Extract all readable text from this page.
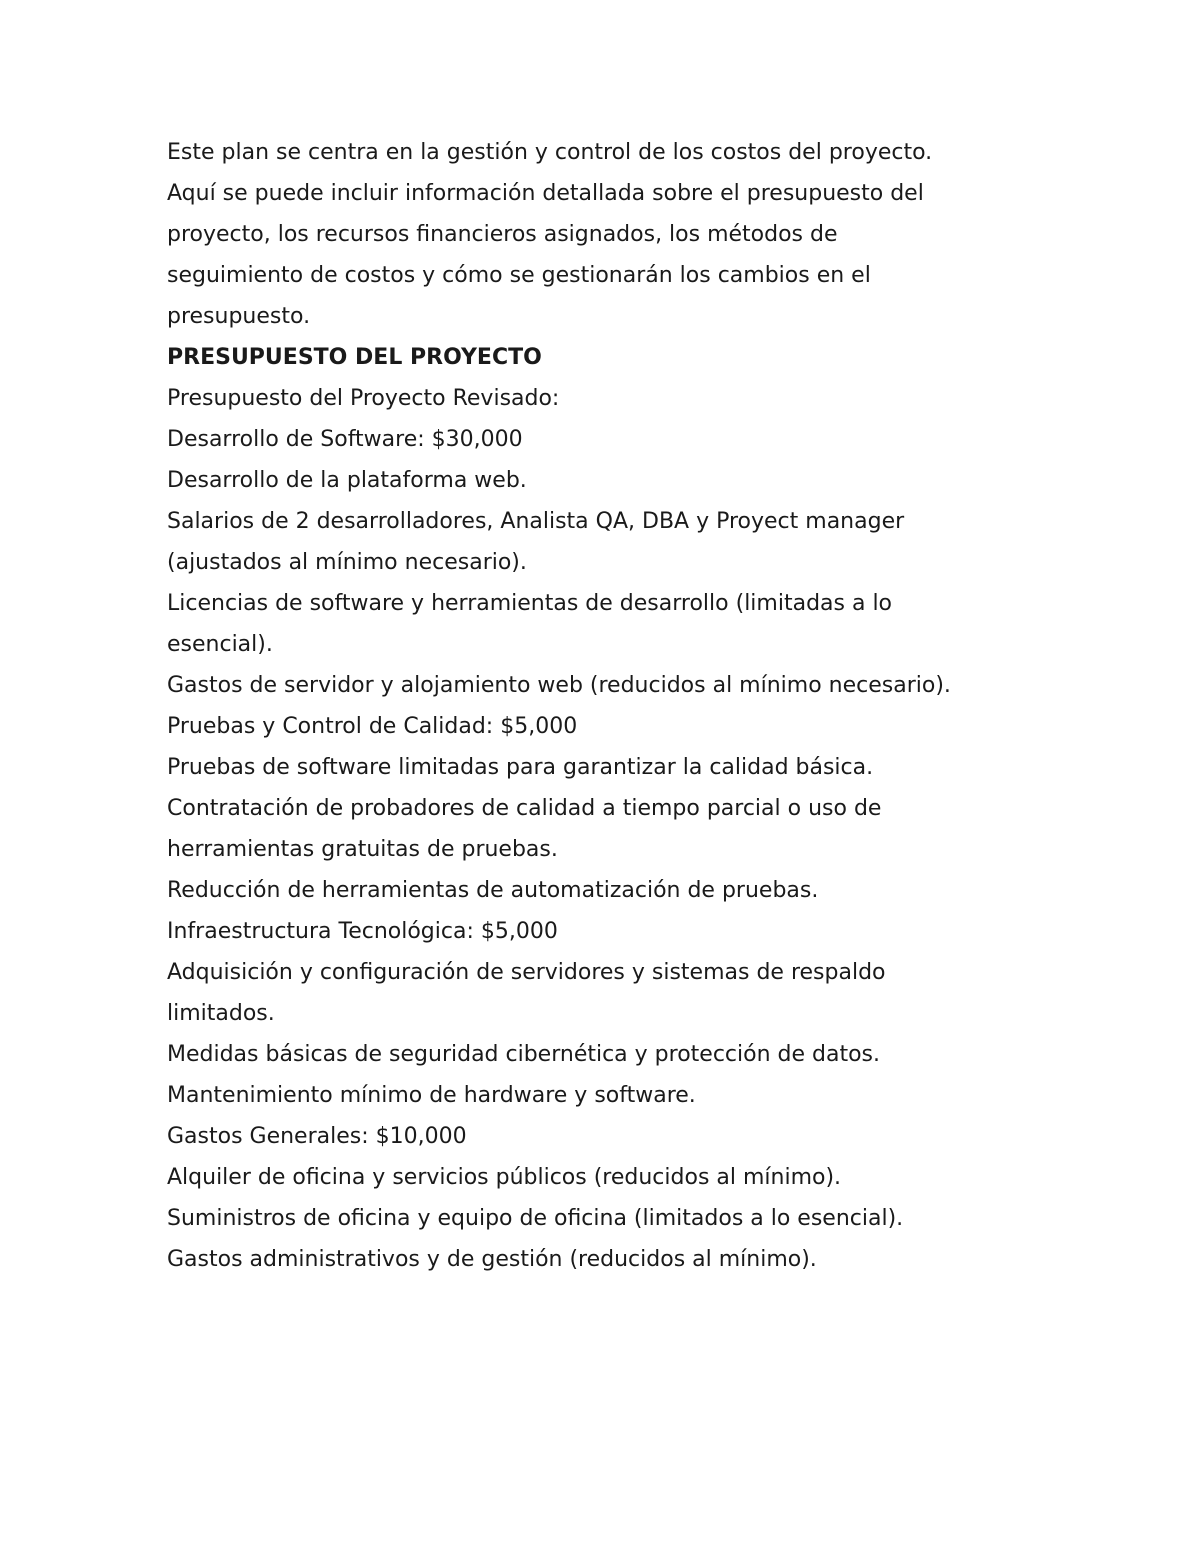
Este plan se centra en la gestión y control de los costos del proyecto.

Aquí se puede incluir información detallada sobre el presupuesto del

proyecto, los recursos financieros asignados, los métodos de

seguimiento de costos y cómo se gestionarán los cambios en el

presupuesto.

PRESUPUESTO DEL PROYECTO

Presupuesto del Proyecto Revisado:

Desarrollo de Software: $30,000

Desarrollo de la plataforma web.

Salarios de 2 desarrolladores, Analista QA, DBA y Proyect manager

(ajustados al mínimo necesario).

Licencias de software y herramientas de desarrollo (limitadas a lo

esencial).

Gastos de servidor y alojamiento web (reducidos al mínimo necesario).

Pruebas y Control de Calidad: $5,000

Pruebas de software limitadas para garantizar la calidad básica.

Contratación de probadores de calidad a tiempo parcial o uso de

herramientas gratuitas de pruebas.

Reducción de herramientas de automatización de pruebas.

Infraestructura Tecnológica: $5,000

Adquisición y configuración de servidores y sistemas de respaldo

limitados.

Medidas básicas de seguridad cibernética y protección de datos.

Mantenimiento mínimo de hardware y software.

Gastos Generales: $10,000

Alquiler de oficina y servicios públicos (reducidos al mínimo).

Suministros de oficina y equipo de oficina (limitados a lo esencial).

Gastos administrativos y de gestión (reducidos al mínimo).
